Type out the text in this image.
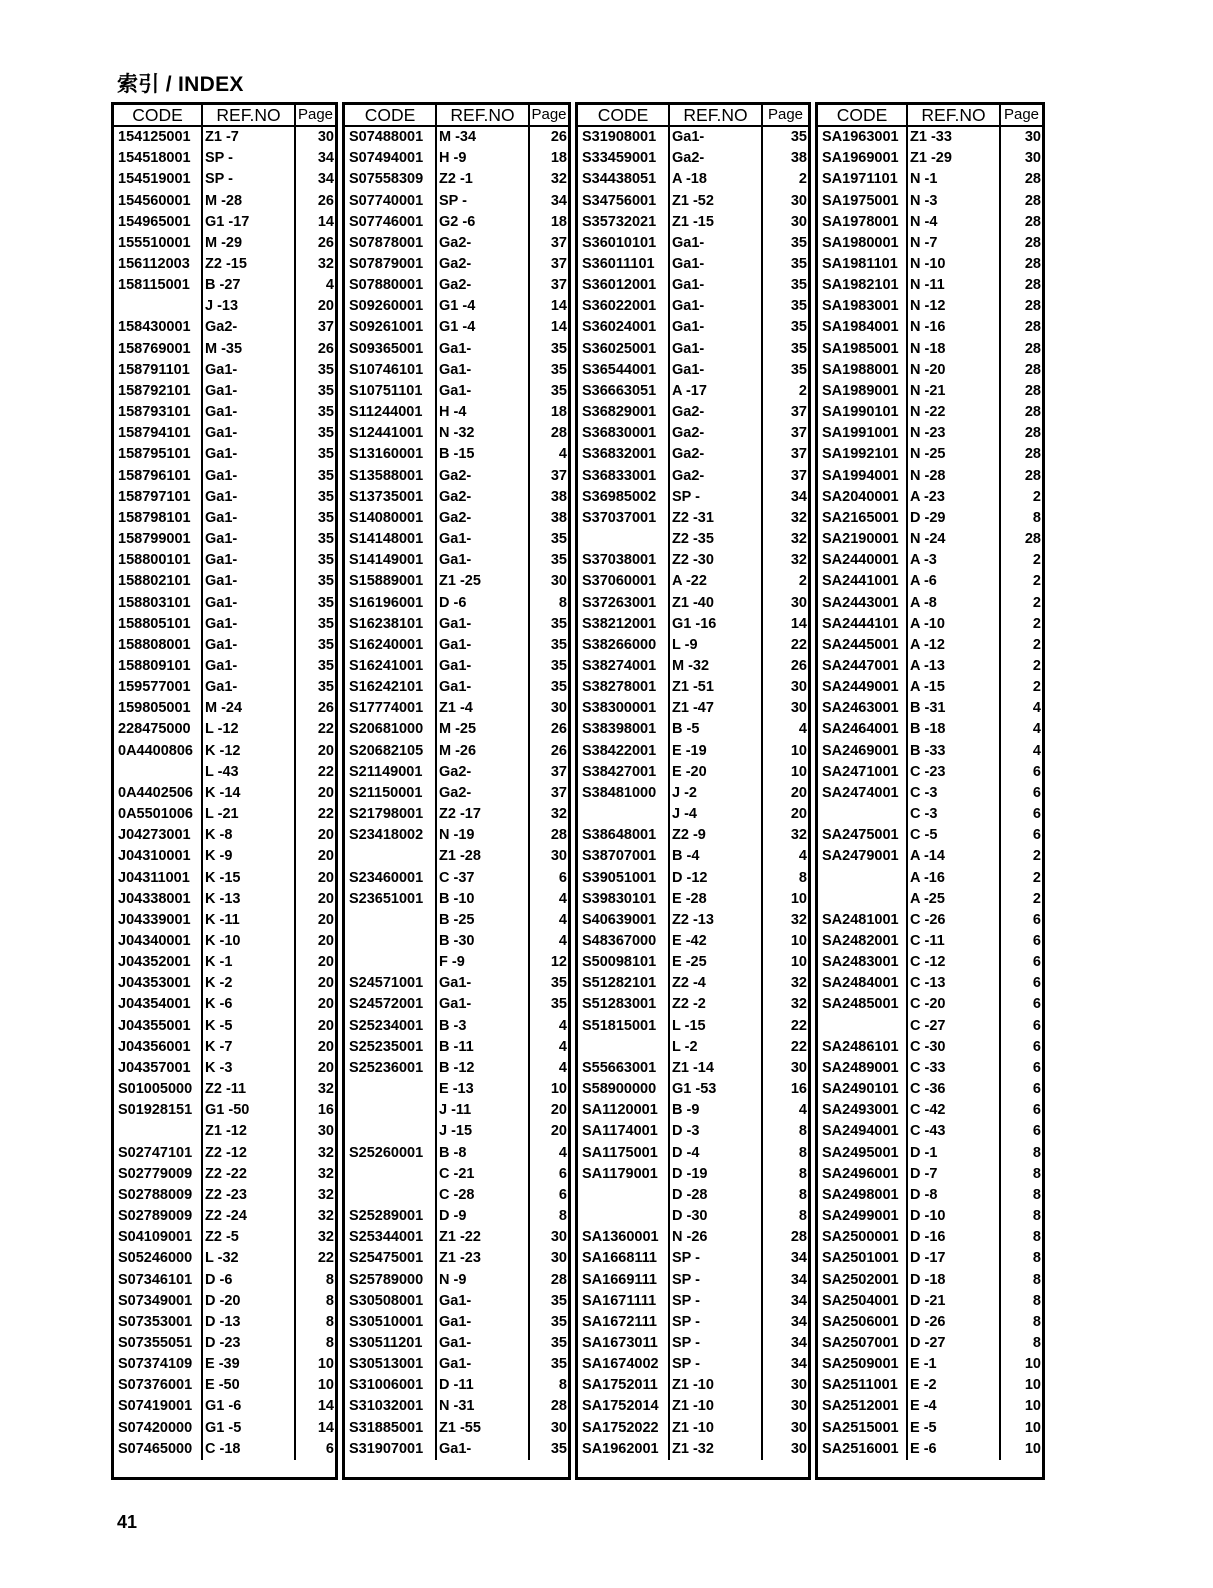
索引 / INDEX
CODE	REF.NO	Page
154125001	Z1 -7	30
154518001	SP -	34
154519001	SP -	34
154560001	M -28	26
154965001	G1 -17	14
155510001	M -29	26
156112003	Z2 -15	32
158115001	B -27	4
	J -13	20
158430001	Ga2-	37
158769001	M -35	26
158791101	Ga1-	35
158792101	Ga1-	35
158793101	Ga1-	35
158794101	Ga1-	35
158795101	Ga1-	35
158796101	Ga1-	35
158797101	Ga1-	35
158798101	Ga1-	35
158799001	Ga1-	35
158800101	Ga1-	35
158802101	Ga1-	35
158803101	Ga1-	35
158805101	Ga1-	35
158808001	Ga1-	35
158809101	Ga1-	35
159577001	Ga1-	35
159805001	M -24	26
228475000	L -12	22
0A4400806	K -12	20
	L -43	22
0A4402506	K -14	20
0A5501006	L -21	22
J04273001	K -8	20
J04310001	K -9	20
J04311001	K -15	20
J04338001	K -13	20
J04339001	K -11	20
J04340001	K -10	20
J04352001	K -1	20
J04353001	K -2	20
J04354001	K -6	20
J04355001	K -5	20
J04356001	K -7	20
J04357001	K -3	20
S01005000	Z2 -11	32
S01928151	G1 -50	16
	Z1 -12	30
S02747101	Z2 -12	32
S02779009	Z2 -22	32
S02788009	Z2 -23	32
S02789009	Z2 -24	32
S04109001	Z2 -5	32
S05246000	L -32	22
S07346101	D -6	8
S07349001	D -20	8
S07353001	D -13	8
S07355051	D -23	8
S07374109	E -39	10
S07376001	E -50	10
S07419001	G1 -6	14
S07420000	G1 -5	14
S07465000	C -18	6
CODE	REF.NO	Page
S07488001	M -34	26
S07494001	H -9	18
S07558309	Z2 -1	32
S07740001	SP -	34
S07746001	G2 -6	18
S07878001	Ga2-	37
S07879001	Ga2-	37
S07880001	Ga2-	37
S09260001	G1 -4	14
S09261001	G1 -4	14
S09365001	Ga1-	35
S10746101	Ga1-	35
S10751101	Ga1-	35
S11244001	H -4	18
S12441001	N -32	28
S13160001	B -15	4
S13588001	Ga2-	37
S13735001	Ga2-	38
S14080001	Ga2-	38
S14148001	Ga1-	35
S14149001	Ga1-	35
S15889001	Z1 -25	30
S16196001	D -6	8
S16238101	Ga1-	35
S16240001	Ga1-	35
S16241001	Ga1-	35
S16242101	Ga1-	35
S17774001	Z1 -4	30
S20681000	M -25	26
S20682105	M -26	26
S21149001	Ga2-	37
S21150001	Ga2-	37
S21798001	Z2 -17	32
S23418002	N -19	28
	Z1 -28	30
S23460001	C -37	6
S23651001	B -10	4
	B -25	4
	B -30	4
	F -9	12
S24571001	Ga1-	35
S24572001	Ga1-	35
S25234001	B -3	4
S25235001	B -11	4
S25236001	B -12	4
	E -13	10
	J -11	20
	J -15	20
S25260001	B -8	4
	C -21	6
	C -28	6
S25289001	D -9	8
S25344001	Z1 -22	30
S25475001	Z1 -23	30
S25789000	N -9	28
S30508001	Ga1-	35
S30510001	Ga1-	35
S30511201	Ga1-	35
S30513001	Ga1-	35
S31006001	D -11	8
S31032001	N -31	28
S31885001	Z1 -55	30
S31907001	Ga1-	35
CODE	REF.NO	Page
S31908001	Ga1-	35
S33459001	Ga2-	38
S34438051	A -18	2
S34756001	Z1 -52	30
S35732021	Z1 -15	30
S36010101	Ga1-	35
S36011101	Ga1-	35
S36012001	Ga1-	35
S36022001	Ga1-	35
S36024001	Ga1-	35
S36025001	Ga1-	35
S36544001	Ga1-	35
S36663051	A -17	2
S36829001	Ga2-	37
S36830001	Ga2-	37
S36832001	Ga2-	37
S36833001	Ga2-	37
S36985002	SP -	34
S37037001	Z2 -31	32
	Z2 -35	32
S37038001	Z2 -30	32
S37060001	A -22	2
S37263001	Z1 -40	30
S38212001	G1 -16	14
S38266000	L -9	22
S38274001	M -32	26
S38278001	Z1 -51	30
S38300001	Z1 -47	30
S38398001	B -5	4
S38422001	E -19	10
S38427001	E -20	10
S38481000	J -2	20
	J -4	20
S38648001	Z2 -9	32
S38707001	B -4	4
S39051001	D -12	8
S39830101	E -28	10
S40639001	Z2 -13	32
S48367000	E -42	10
S50098101	E -25	10
S51282101	Z2 -4	32
S51283001	Z2 -2	32
S51815001	L -15	22
	L -2	22
S55663001	Z1 -14	30
S58900000	G1 -53	16
SA1120001	B -9	4
SA1174001	D -3	8
SA1175001	D -4	8
SA1179001	D -19	8
	D -28	8
	D -30	8
SA1360001	N -26	28
SA1668111	SP -	34
SA1669111	SP -	34
SA1671111	SP -	34
SA1672111	SP -	34
SA1673011	SP -	34
SA1674002	SP -	34
SA1752011	Z1 -10	30
SA1752014	Z1 -10	30
SA1752022	Z1 -10	30
SA1962001	Z1 -32	30
CODE	REF.NO	Page
SA1963001	Z1 -33	30
SA1969001	Z1 -29	30
SA1971101	N -1	28
SA1975001	N -3	28
SA1978001	N -4	28
SA1980001	N -7	28
SA1981101	N -10	28
SA1982101	N -11	28
SA1983001	N -12	28
SA1984001	N -16	28
SA1985001	N -18	28
SA1988001	N -20	28
SA1989001	N -21	28
SA1990101	N -22	28
SA1991001	N -23	28
SA1992101	N -25	28
SA1994001	N -28	28
SA2040001	A -23	2
SA2165001	D -29	8
SA2190001	N -24	28
SA2440001	A -3	2
SA2441001	A -6	2
SA2443001	A -8	2
SA2444101	A -10	2
SA2445001	A -12	2
SA2447001	A -13	2
SA2449001	A -15	2
SA2463001	B -31	4
SA2464001	B -18	4
SA2469001	B -33	4
SA2471001	C -23	6
SA2474001	C -3	6
	C -3	6
SA2475001	C -5	6
SA2479001	A -14	2
	A -16	2
	A -25	2
SA2481001	C -26	6
SA2482001	C -11	6
SA2483001	C -12	6
SA2484001	C -13	6
SA2485001	C -20	6
	C -27	6
SA2486101	C -30	6
SA2489001	C -33	6
SA2490101	C -36	6
SA2493001	C -42	6
SA2494001	C -43	6
SA2495001	D -1	8
SA2496001	D -7	8
SA2498001	D -8	8
SA2499001	D -10	8
SA2500001	D -16	8
SA2501001	D -17	8
SA2502001	D -18	8
SA2504001	D -21	8
SA2506001	D -26	8
SA2507001	D -27	8
SA2509001	E -1	10
SA2511001	E -2	10
SA2512001	E -4	10
SA2515001	E -5	10
SA2516001	E -6	10
41
